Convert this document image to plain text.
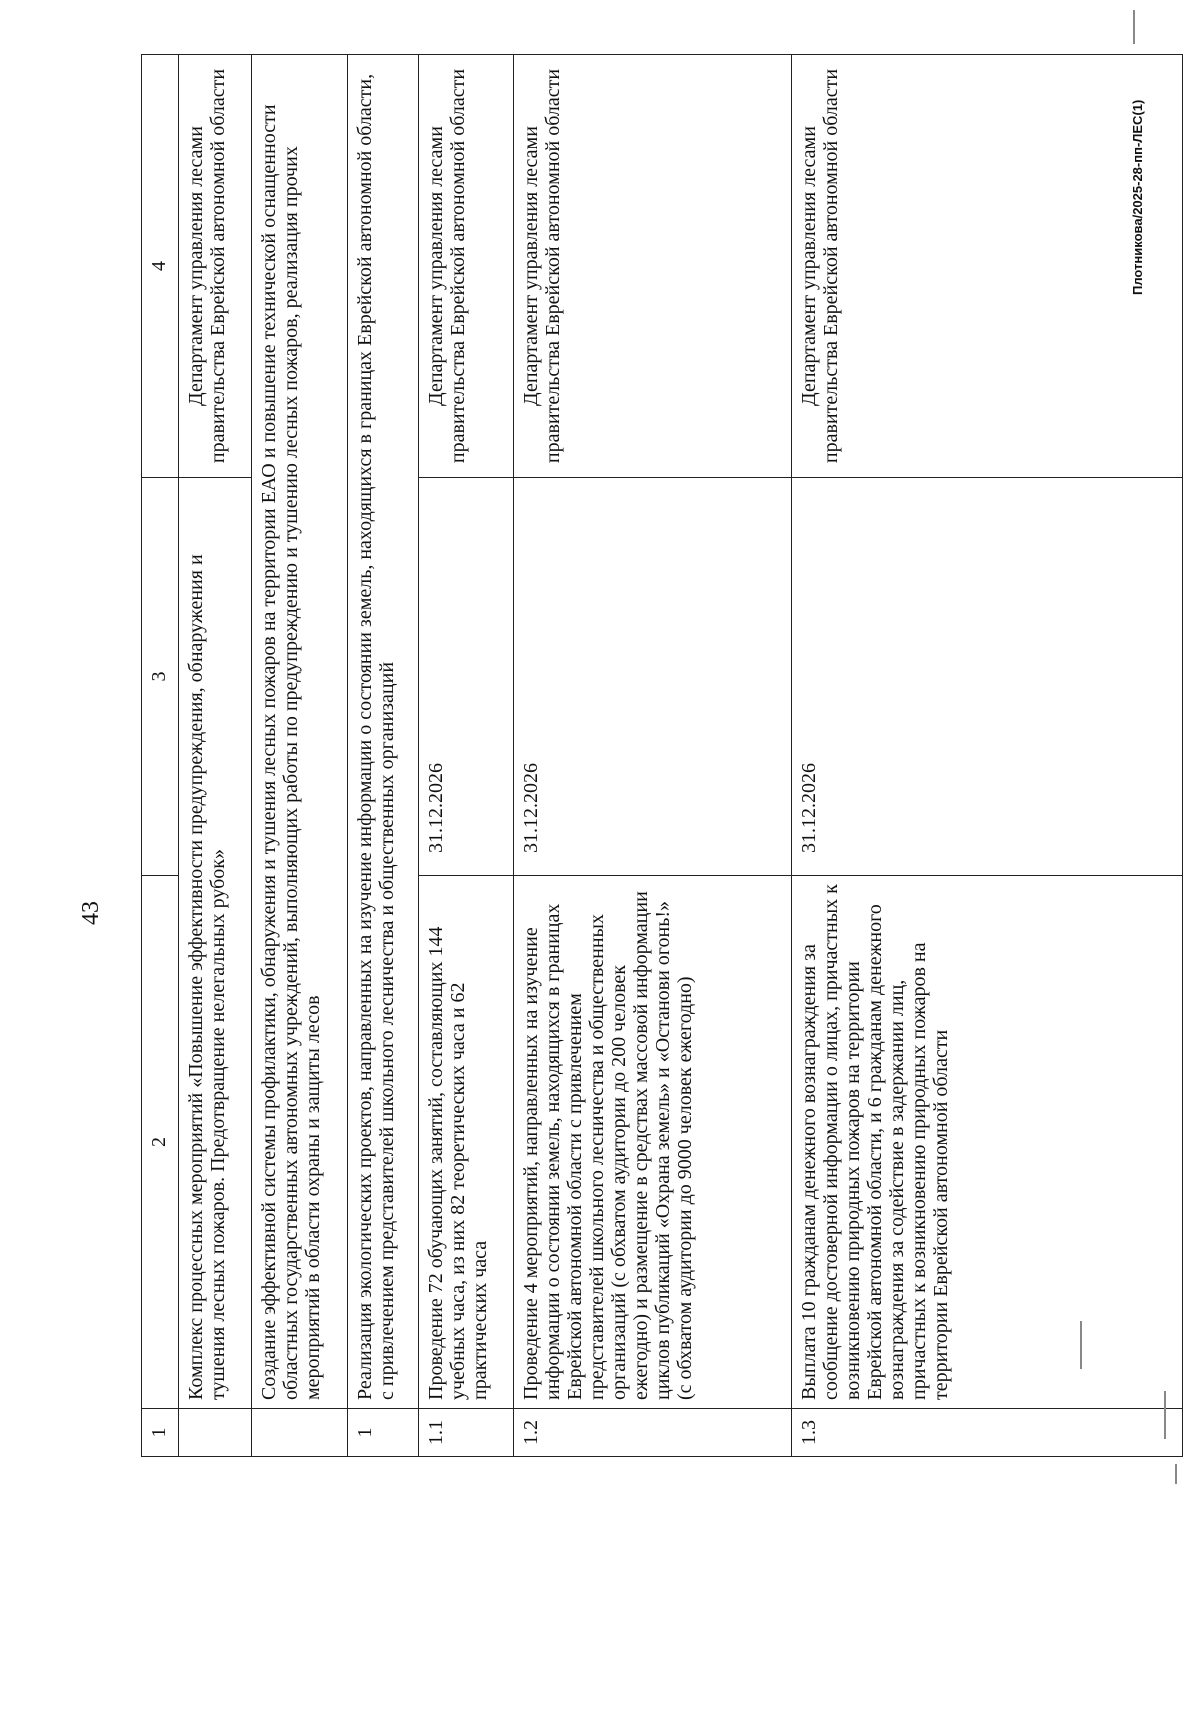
43
1	2	3	4
	Комплекс процессных мероприятий «Повышение эффективности предупреждения, обнаружения и тушения лесных пожаров. Предотвращение нелегальных рубок»		Департамент управления лесами правительства Еврейской автономной области
	Создание эффективной системы профилактики, обнаружения и тушения лесных пожаров на территории ЕАО и повышение технической оснащенности областных государственных автономных учреждений, выполняющих работы по предупреждению и тушению лесных пожаров, реализация прочих мероприятий в области охраны и защиты лесов		
1	Реализация экологических проектов, направленных на изучение информации о состоянии земель, находящихся в границах Еврейской автономной области, с привлечением представителей школьного лесничества и общественных организаций		
1.1	Проведение 72 обучающих занятий, составляющих 144 учебных часа, из них 82 теоретических часа и 62 практических часа	31.12.2026	Департамент управления лесами правительства Еврейской автономной области
1.2	Проведение 4 мероприятий, направленных на изучение информации о состоянии земель, находящихся в границах Еврейской автономной области с привлечением представителей школьного лесничества и общественных организаций (с обхватом аудитории до 200 человек ежегодно) и размещение в средствах массовой информации циклов публикаций «Охрана земель» и «Останови огонь!» (с обхватом аудитории до 9000 человек ежегодно)	31.12.2026	Департамент управления лесами правительства Еврейской автономной области
1.3	Выплата 10 гражданам денежного вознаграждения за сообщение достоверной информации о лицах, причастных к возникновению природных пожаров на территории Еврейской автономной области, и 6 гражданам денежного вознаграждения за содействие в задержании лиц, причастных к возникновению природных пожаров на территории Еврейской автономной области	31.12.2026	Департамент управления лесами правительства Еврейской автономной области	Плотникова/2025-28-пп-ЛЕС(1)
